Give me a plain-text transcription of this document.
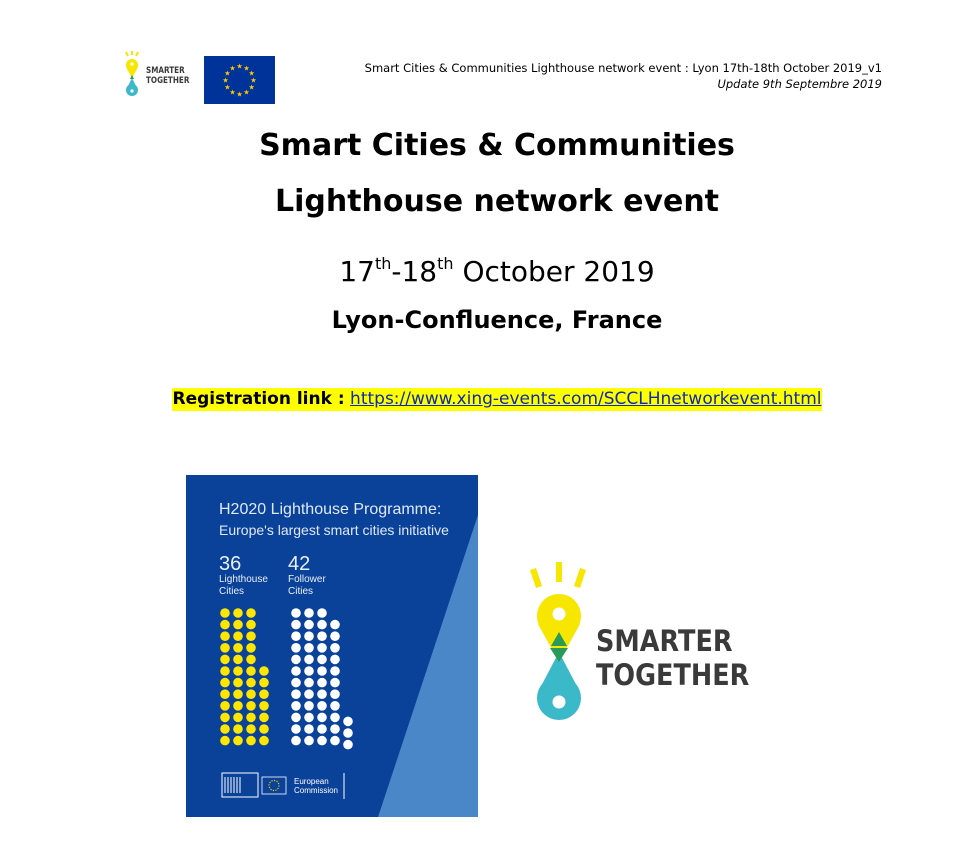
SMARTER
TOGETHER
★ ★
★
★
★
★
★
★
★
★
★
★	Smart Cities & Communities Lighthouse network event : Lyon 17th-18th October 2019_v1
Update 9th Septembre 2019
Smart Cities & Communities
Lighthouse network event
17th-18th October 2019
Lyon-Confluence, France
Registration link : https://www.xing-events.com/SCCLHnetworkevent.html
H2020 Lighthouse Programme:
Europe's largest smart cities initiative
36
Lighthouse Cities
42
Follower Cities
European Commission
SMARTER
TOGETHER
